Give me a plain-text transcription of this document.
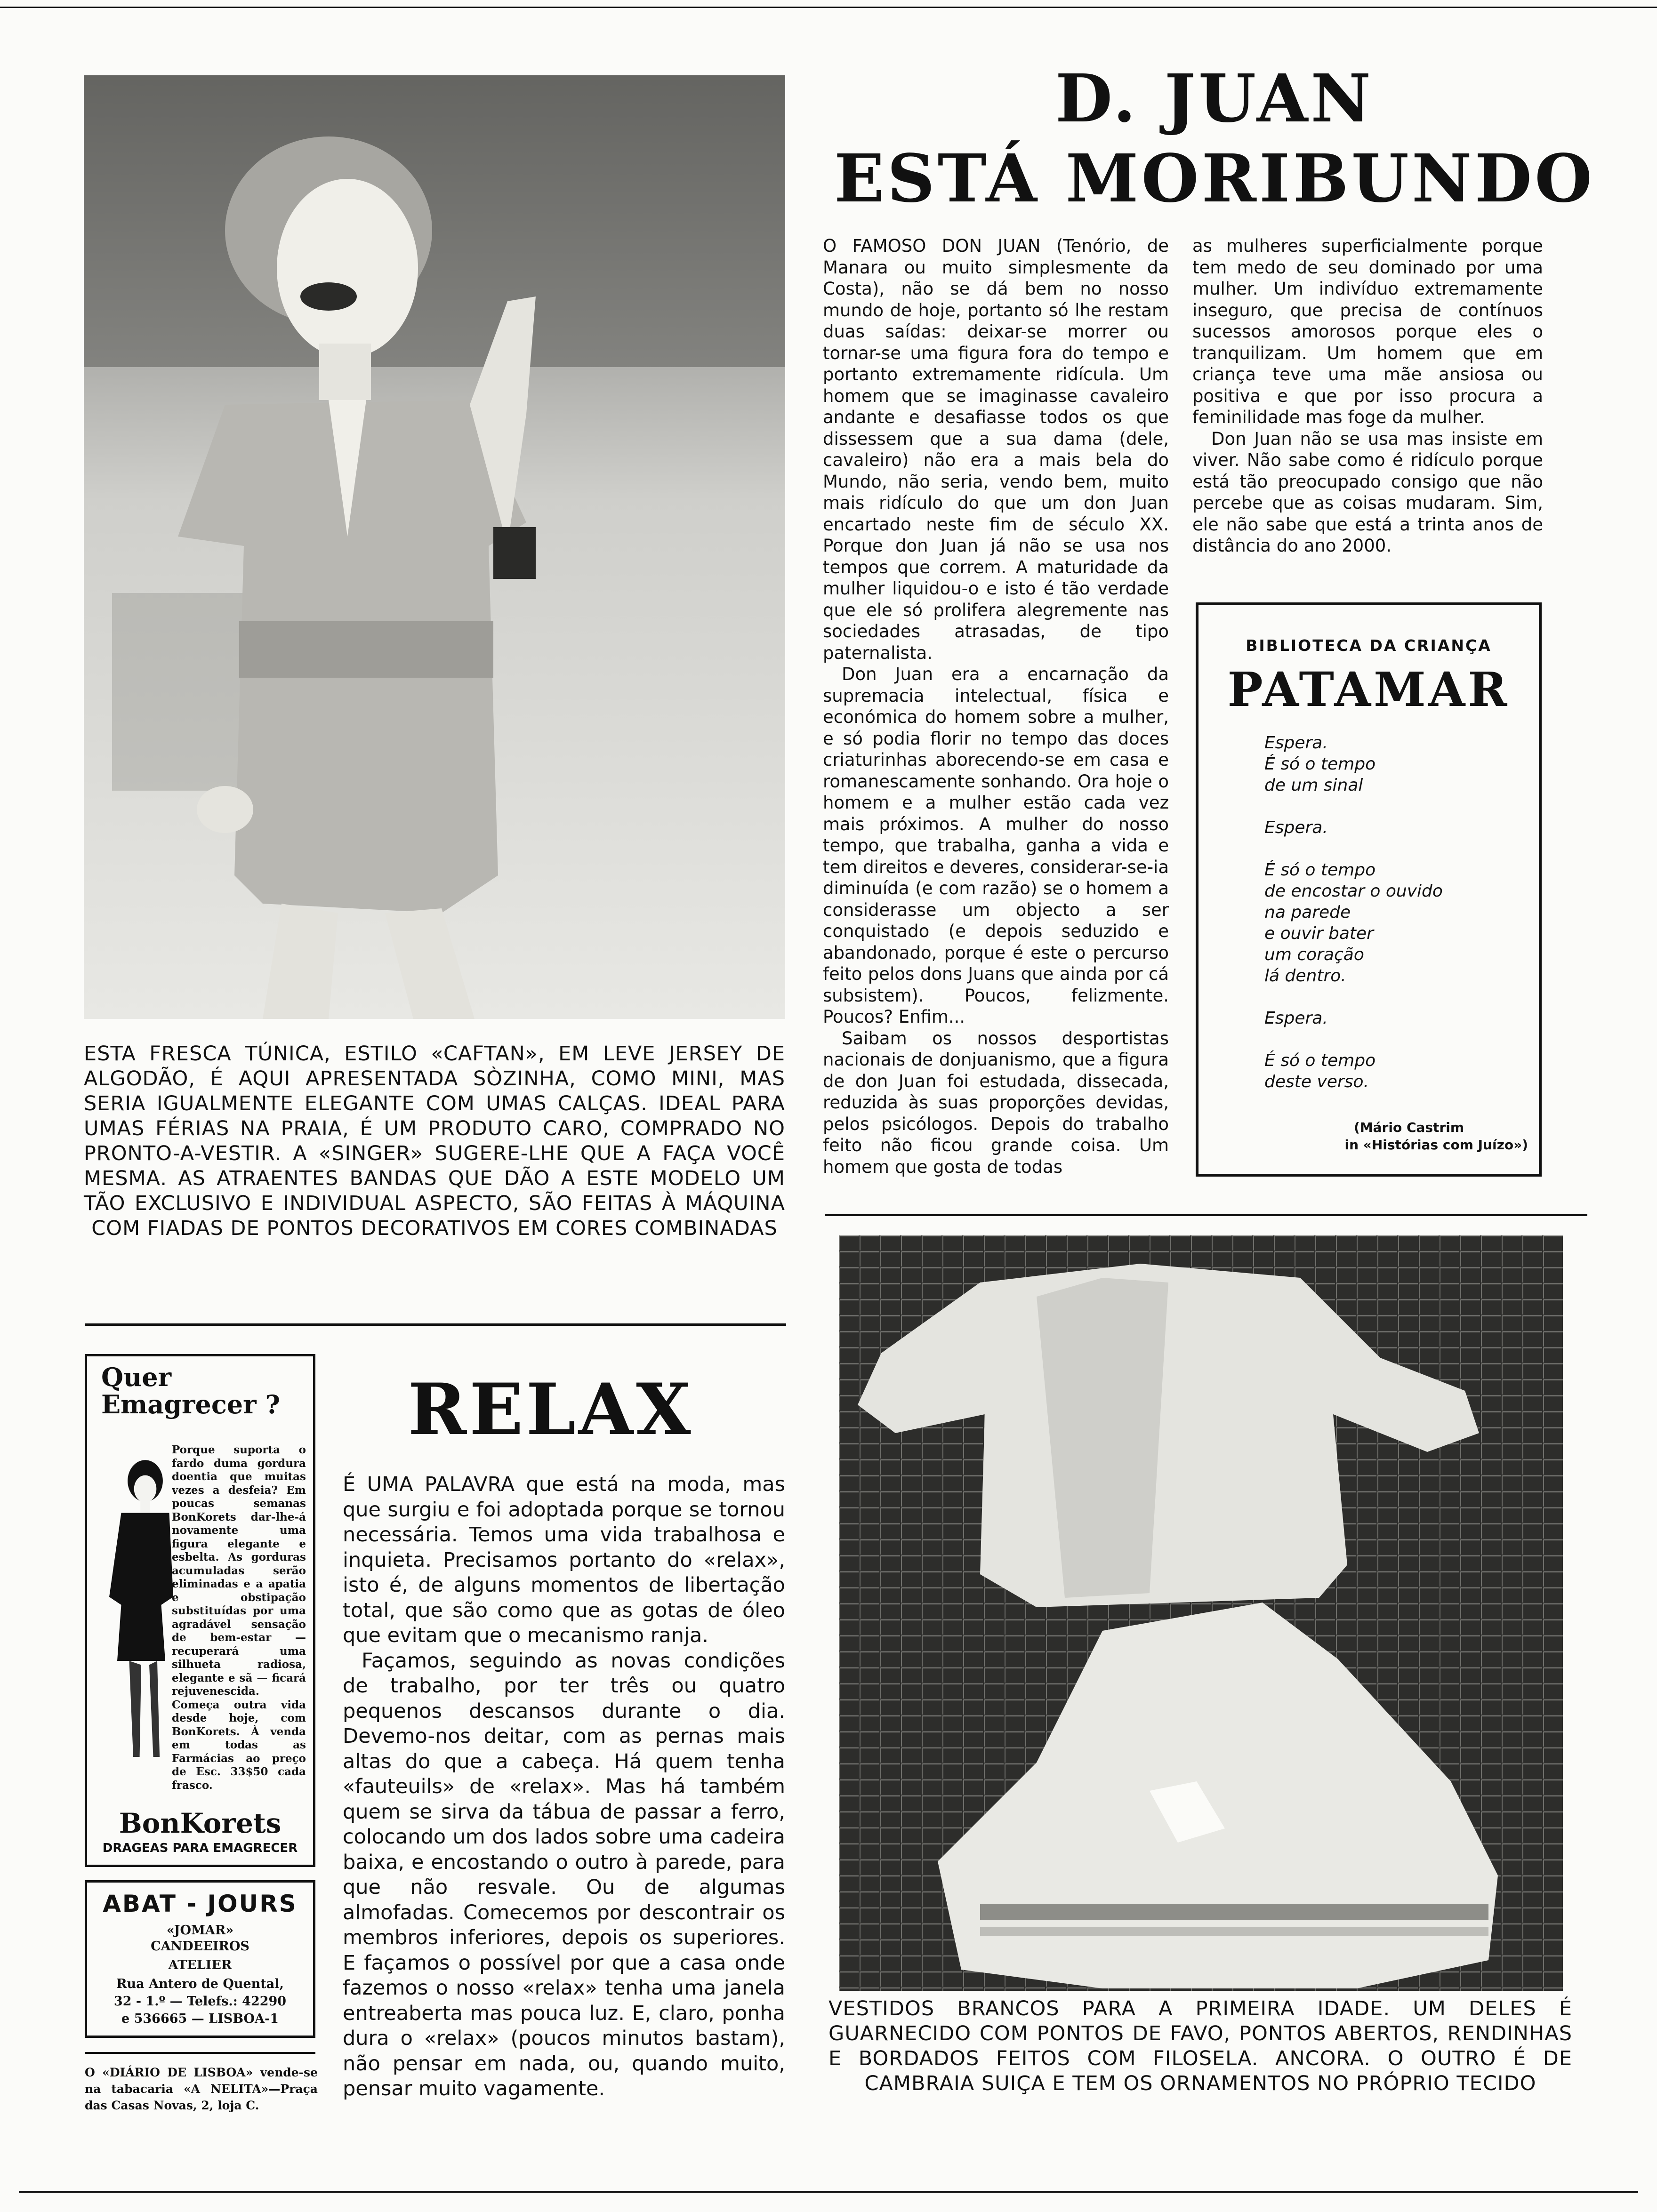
ESTA FRESCA TÚNICA, ESTILO «CAFTAN», EM LEVE JERSEY DE ALGODÃO, É AQUI APRESENTADA SÒZINHA, COMO MINI, MAS SERIA IGUALMENTE ELEGANTE COM UMAS CALÇAS. IDEAL PARA UMAS FÉRIAS NA PRAIA, É UM PRODUTO CARO, COMPRADO NO PRONTO-A-VESTIR. A «SINGER» SUGERE-LHE QUE A FAÇA VOCÊ MESMA. AS ATRAENTES BANDAS QUE DÃO A ESTE MODELO UM TÃO EXCLUSIVO E INDIVIDUAL ASPECTO, SÃO FEITAS À MÁQUINA COM FIADAS DE PONTOS DECORATIVOS EM CORES COMBINADAS
D. JUAN
ESTÁ MORIBUNDO

O FAMOSO DON JUAN (Tenório, de Manara ou muito simplesmente da Costa), não se dá bem no nosso mundo de hoje, portanto só lhe restam duas saídas: deixar-se morrer ou tornar-se uma figura fora do tempo e portanto extremamente ridícula. Um homem que se imaginasse cavaleiro andante e desafiasse todos os que dissessem que a sua dama (dele, cavaleiro) não era a mais bela do Mundo, não seria, vendo bem, muito mais ridículo do que um don Juan encartado neste fim de século XX. Porque don Juan já não se usa nos tempos que correm. A maturidade da mulher liquidou-o e isto é tão verdade que ele só prolifera alegremente nas sociedades atrasadas, de tipo paternalista.

Don Juan era a encarnação da supremacia intelectual, física e económica do homem sobre a mulher, e só podia florir no tempo das doces criaturinhas aborecendo-se em casa e romanescamente sonhando. Ora hoje o homem e a mulher estão cada vez mais próximos. A mulher do nosso tempo, que trabalha, ganha a vida e tem direitos e deveres, considerar-se-ia diminuída (e com razão) se o homem a considerasse um objecto a ser conquistado (e depois seduzido e abandonado, porque é este o percurso feito pelos dons Juans que ainda por cá subsistem). Poucos, felizmente. Poucos? Enfim...

Saibam os nossos desportistas nacionais de donjuanismo, que a figura de don Juan foi estudada, dissecada, reduzida às suas proporções devidas, pelos psicólogos. Depois do trabalho feito não ficou grande coisa. Um homem que gosta de todas

as mulheres superficialmente porque tem medo de seu dominado por uma mulher. Um indivíduo extremamente inseguro, que precisa de contínuos sucessos amorosos porque eles o tranquilizam. Um homem que em criança teve uma mãe ansiosa ou positiva e que por isso procura a feminilidade mas foge da mulher.

Don Juan não se usa mas insiste em viver. Não sabe como é ridículo porque está tão preocupado consigo que não percebe que as coisas mudaram. Sim, ele não sabe que está a trinta anos de distância do ano 2000.

BIBLIOTECA DA CRIANÇA
PATAMAR

Espera.

É só o tempo

de um sinal

Espera.

É só o tempo

de encostar o ouvido

na parede

e ouvir bater

um coração

lá dentro.

Espera.

É só o tempo

deste verso.

(Mário Castrim
in «Histórias com Juízo»)
VESTIDOS BRANCOS PARA A PRIMEIRA IDADE. UM DELES É GUARNECIDO COM PONTOS DE FAVO, PONTOS ABERTOS, RENDINHAS E BORDADOS FEITOS COM FILOSELA. ANCORA. O OUTRO É DE CAMBRAIA SUIÇA E TEM OS ORNAMENTOS NO PRÓPRIO TECIDO
RELAX

É UMA PALAVRA que está na moda, mas que surgiu e foi adoptada porque se tornou necessária. Temos uma vida trabalhosa e inquieta. Precisamos portanto do «relax», isto é, de alguns momentos de libertação total, que são como que as gotas de óleo que evitam que o mecanismo ranja.

Façamos, seguindo as novas condições de trabalho, por ter três ou quatro pequenos descansos durante o dia. Devemo-nos deitar, com as pernas mais altas do que a cabeça. Há quem tenha «fauteuils» de «relax». Mas há também quem se sirva da tábua de passar a ferro, colocando um dos lados sobre uma cadeira baixa, e encostando o outro à parede, para que não resvale. Ou de algumas almofadas. Comecemos por descontrair os membros inferiores, depois os superiores. E façamos o possível por que a casa onde fazemos o nosso «relax» tenha uma janela entreaberta mas pouca luz. E, claro, ponha dura o «relax» (poucos minutos bastam), não pensar em nada, ou, quando muito, pensar muito vagamente.

Quer
Emagrecer ?
Porque suporta o fardo duma gordura doentia que muitas vezes a desfeia? Em poucas semanas BonKorets dar-lhe-á novamente uma figura elegante e esbelta. As gorduras acumuladas serão eliminadas e a apatia e obstipação substituídas por uma agradável sensação de bem-estar — recuperará uma silhueta radiosa, elegante e sã — ficará rejuvenescida. Começa outra vida desde hoje, com BonKorets. À venda em todas as Farmácias ao preço de Esc. 33$50 cada frasco.
BonKorets
DRAGEAS PARA EMAGRECER
ABAT - JOURS
«JOMAR»
CANDEEIROS
ATELIER
Rua Antero de Quental,
32 - 1.º — Telefs.: 42290
e 536665 — LISBOA-1
O «DIÁRIO DE LISBOA» vende-se na tabacaria «A NELITA»—Praça das Casas Novas, 2, loja C.
